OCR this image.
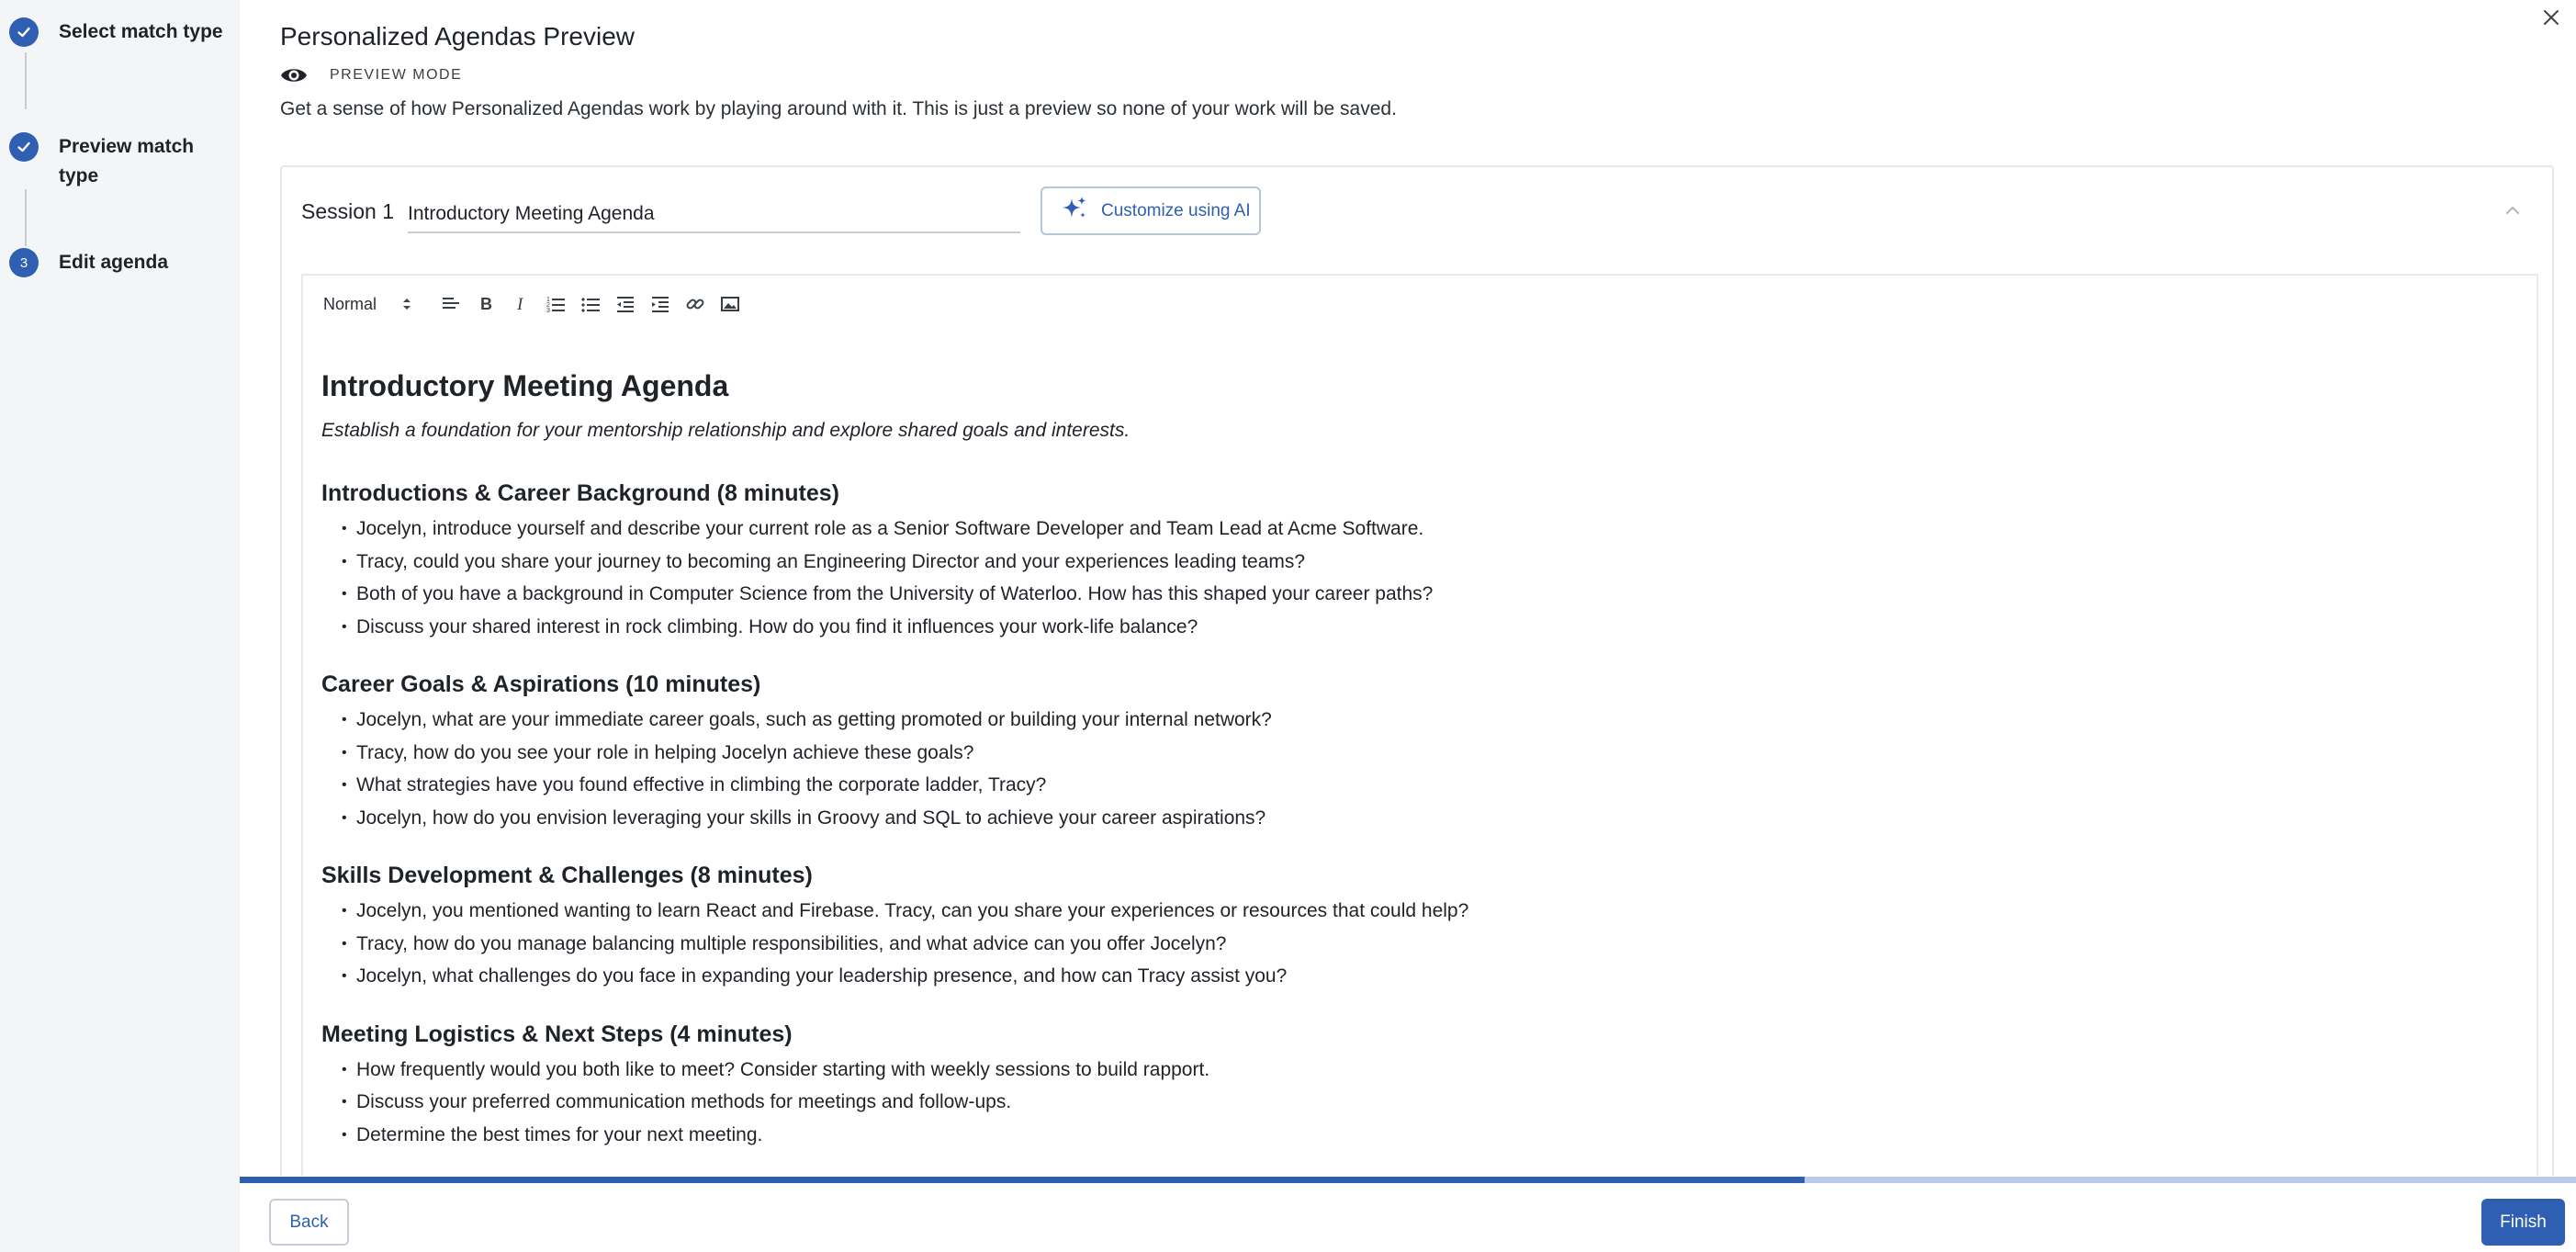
Select match type
Preview match type
3	Edit agenda
Personalized Agendas Preview
PREVIEW MODE
Get a sense of how Personalized Agendas work by playing around with it. This is just a preview so none of your work will be saved.
Session 1
Introductory Meeting Agenda	Customize using AI
Normal	B I	1
2
3
Introductory Meeting Agenda
Establish a foundation for your mentorship relationship and explore shared goals and interests.
Introductions & Career Background (8 minutes)
• Jocelyn, introduce yourself and describe your current role as a Senior Software Developer and Team Lead at Acme Software.
• Tracy, could you share your journey to becoming an Engineering Director and your experiences leading teams?
• Both of you have a background in Computer Science from the University of Waterloo. How has this shaped your career paths?
• Discuss your shared interest in rock climbing. How do you find it influences your work-life balance?
Career Goals & Aspirations (10 minutes)
• Jocelyn, what are your immediate career goals, such as getting promoted or building your internal network?
• Tracy, how do you see your role in helping Jocelyn achieve these goals?
• What strategies have you found effective in climbing the corporate ladder, Tracy?
• Jocelyn, how do you envision leveraging your skills in Groovy and SQL to achieve your career aspirations?
Skills Development & Challenges (8 minutes)
• Jocelyn, you mentioned wanting to learn React and Firebase. Tracy, can you share your experiences or resources that could help?
• Tracy, how do you manage balancing multiple responsibilities, and what advice can you offer Jocelyn?
• Jocelyn, what challenges do you face in expanding your leadership presence, and how can Tracy assist you?
Meeting Logistics & Next Steps (4 minutes)
• How frequently would you both like to meet? Consider starting with weekly sessions to build rapport.
• Discuss your preferred communication methods for meetings and follow-ups.
• Determine the best times for your next meeting.
Back	Finish
